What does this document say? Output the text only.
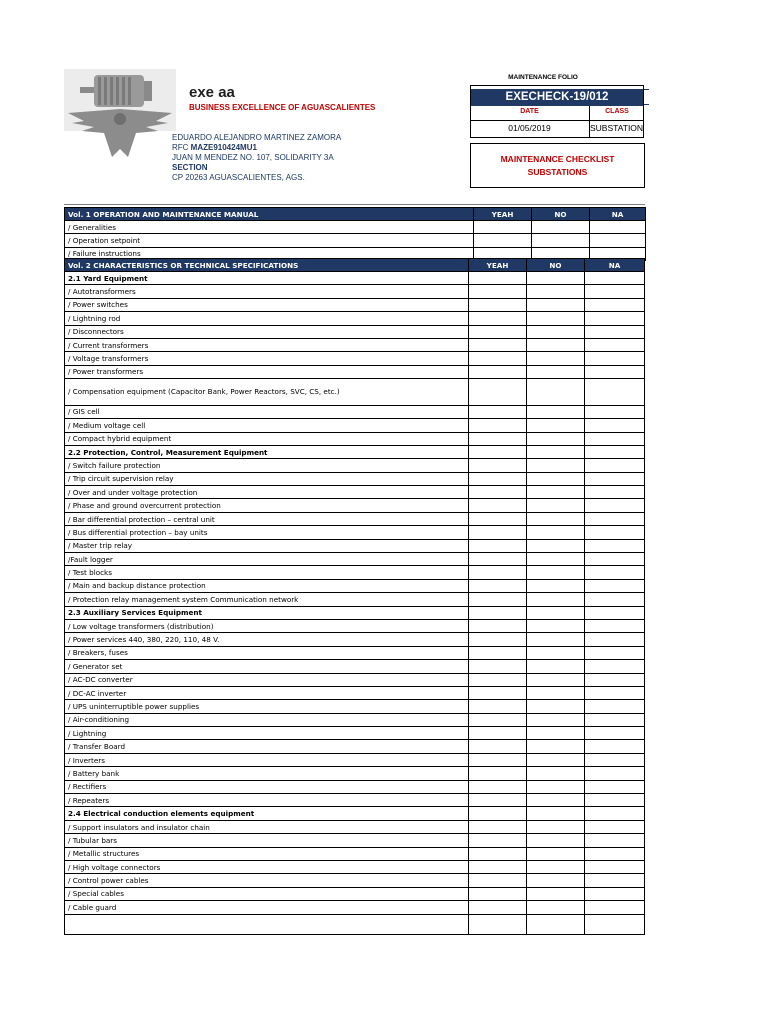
exe aa
BUSINESS EXCELLENCE OF AGUASCALIENTES
EDUARDO ALEJANDRO MARTINEZ ZAMORA
RFC MAZE910424MU1
JUAN M MENDEZ NO. 107, SOLIDARITY 3A
SECTION
CP 20263 AGUASCALIENTES, AGS.
MAINTENANCE FOLIO
EXECHECK-19/012
DATE	CLASS
01/05/2019	SUBSTATION
MAINTENANCE CHECKLIST
SUBSTATIONS
Vol. 1 OPERATION AND MAINTENANCE MANUAL	YEAH	NO	NA
/ Generalities			
/ Operation setpoint			
/ Failure instructions			
Vol. 2 CHARACTERISTICS OR TECHNICAL SPECIFICATIONS	YEAH	NO	NA
2.1 Yard Equipment			
/ Autotransformers			
/ Power switches			
/ Lightning rod			
/ Disconnectors			
/ Current transformers			
/ Voltage transformers			
/ Power transformers			
/ Compensation equipment (Capacitor Bank, Power Reactors, SVC, CS, etc.)			
/ GIS cell			
/ Medium voltage cell			
/ Compact hybrid equipment			
2.2 Protection, Control, Measurement Equipment			
/ Switch failure protection			
/ Trip circuit supervision relay			
/ Over and under voltage protection			
/ Phase and ground overcurrent protection			
/ Bar differential protection – central unit			
/ Bus differential protection – bay units			
/ Master trip relay			
/Fault logger			
/ Test blocks			
/ Main and backup distance protection			
/ Protection relay management system Communication network			
2.3 Auxiliary Services Equipment			
/ Low voltage transformers (distribution)			
/ Power services 440, 380, 220, 110, 48 V.			
/ Breakers, fuses			
/ Generator set			
/ AC-DC converter			
/ DC-AC inverter			
/ UPS uninterruptible power supplies			
/ Air-conditioning			
/ Lightning			
/ Transfer Board			
/ Inverters			
/ Battery bank			
/ Rectifiers			
/ Repeaters			
2.4 Electrical conduction elements equipment			
/ Support insulators and insulator chain			
/ Tubular bars			
/ Metallic structures			
/ High voltage connectors			
/ Control power cables			
/ Special cables			
/ Cable guard			
